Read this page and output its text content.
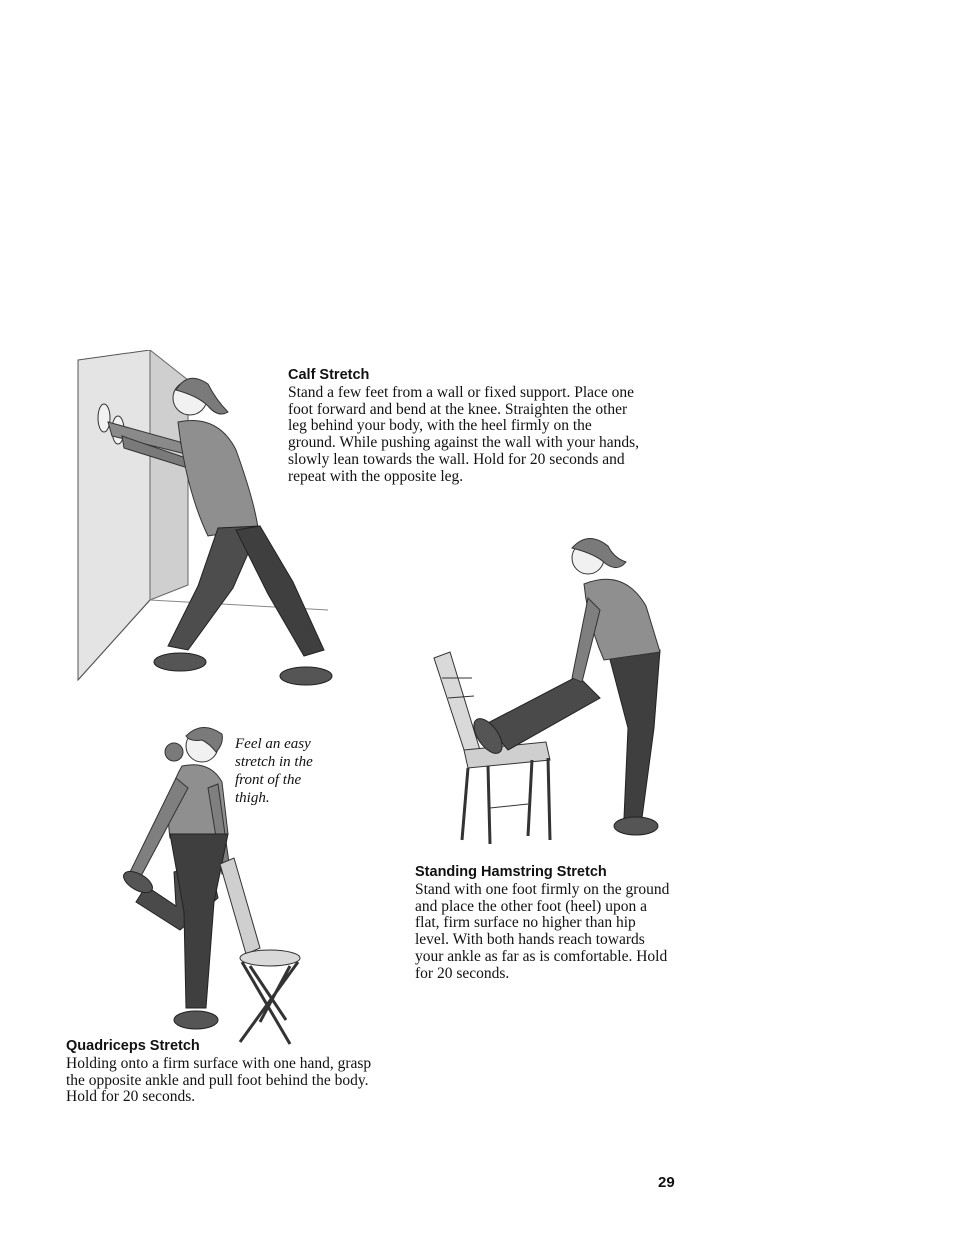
Calf Stretch

Stand a few feet from a wall or fixed support. Place one foot forward and bend at the knee. Straighten the other leg behind your body, with the heel firmly on the ground. While pushing against the wall with your hands, slowly lean towards the wall. Hold for 20 seconds and repeat with the opposite leg.

Standing Hamstring Stretch

Stand with one foot firmly on the ground and place the other foot (heel) upon a flat, firm surface no higher than hip level. With both hands reach towards your ankle as far as is comfortable. Hold for 20 seconds.

Feel an easy stretch in the front of the thigh.

Quadriceps Stretch

Holding onto a firm surface with one hand, grasp the opposite ankle and pull foot behind the body. Hold for 20 seconds.

29
